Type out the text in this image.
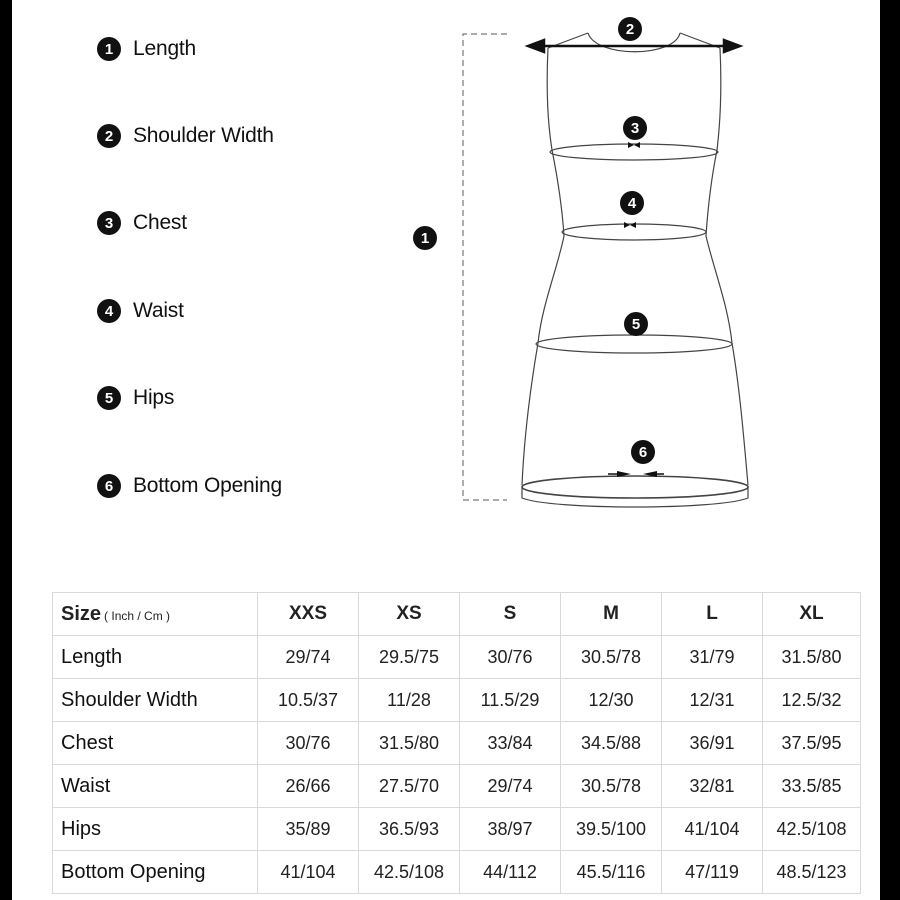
1 Length
2 Shoulder Width
3 Chest
4 Waist
5 Hips
6 Bottom Opening
1
2
3
4
5
6
Size ( Inch / Cm )	XXS	XS	S	M	L	XL
Length	29/74	29.5/75	30/76	30.5/78	31/79	31.5/80
Shoulder Width	10.5/37	11/28	11.5/29	12/30	12/31	12.5/32
Chest	30/76	31.5/80	33/84	34.5/88	36/91	37.5/95
Waist	26/66	27.5/70	29/74	30.5/78	32/81	33.5/85
Hips	35/89	36.5/93	38/97	39.5/100	41/104	42.5/108
Bottom Opening	41/104	42.5/108	44/112	45.5/116	47/119	48.5/123
